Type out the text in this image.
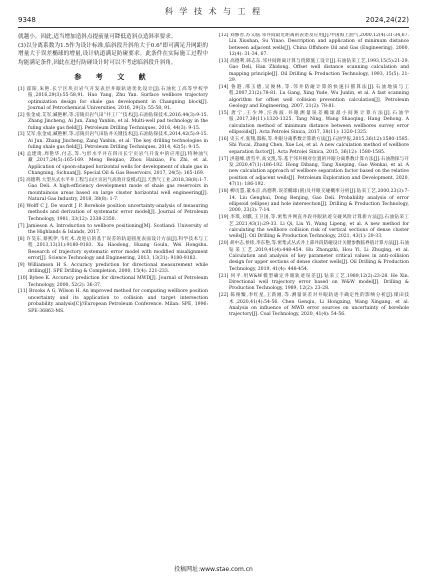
9348
科 学 技 术 与 工 程
2024,24(22)

就越小。因此,适当增加造斜点提前量可降低造斜点造斜率要求。

(3)以分离系数为1.5作为设计标准,临斜段升斜角大于0.6°即可满足升网距的增量大于误差椭球的增量,设计轨道满足防碰要求。此条件在实际施工过程中均能满足条件,因此在进行防碰设计时可以不考虑临斜段升斜角。

参 考 文 献

[1] 霍阳,朱艳.长宁区块页岩气开发表层井眼轨迹优化设计[J].石油化工高等学校学报,2016,29(3):55-58,91. Huo Yang, Zhu Yan. Surface wellbore trajectory optimization design for shale gas development in Changning block[J]. Journal of Petrochemical Universities, 2016, 29(3): 55-58, 91.

[2] 张金成,艾军,臧艳彬,等.涪陵页岩气田“井工厂”技术[J].石油钻探技术,2016,44(3):9-15. Zhang Jincheng, Ai Jun, Zang Yanbin, et al. Multi-well pad technology in the fuling shale gas field[J]. Petroleum Drilling Techniques, 2016, 44(3): 9-15.

[3] 艾军,张金成,臧艳彬,等.涪陵页岩气田钻井关键技术[J].石油钻探技术,2014,42(5):9-15. Ai Jun, Zhang Jincheng, Zang Yanbin, et al. The key drilling technologies in fuling shale gas field[J]. Petroleum Drilling Techniques, 2014, 42(5): 9-15.

[4] 孟建琦,周艳华,付志,等.勺形水平井在四川长宁页岩气开发中的应用[J].特种油气藏,2017,24(5):165-169. Meng Beiqiao, Zhou Haixiao, Fu Zhi, et al. Application of spoon-shaped horizontal wells for development of shale gas in Changning, Sichuan[J]. Special Oil & Gas Reservoirs, 2017, 24(5): 165-169.

[5] 高德利.大型丛式水平井工程与山区页岩气高效开发模式[J].天然气工业,2018,38(8):1-7. Gao Deli. A high-efficiency development mode of shale gas reservoirs in mountainous areas based on large cluster horizontal well engineering[J]. Natural Gas Industry, 2018, 38(8): 1-7.

[6] Wolff C J, De wardt J P. Borehole position uncertainty-analysis of measuring methods and derivation of systematic error model[J]. Journal of Petroleum Technology, 1981, 33(12): 2338-2350.

[7] Jamieson A. Introduction to wellbore positioning[M]. Scotland: University of the Highlands & Islands, 2017.

[8] 许昊东,蔡熙伊,韦红术.改进后的基于误差的轨道圆度表面设计方法[J].科学技术与工程,2013,13(31):9180-9183. Xu Haodong, Huang Goulu, Wei Hongshu. Research of trajectory systematic error model with modified misalignment error[J]. Science Technology and Engineering, 2013, 13(31): 9180-9183.

[9] Williamson H S. Accuracy prediction for directional measurement while drilling[J]. SPE Drilling & Completion, 2000, 15(4): 221-233.

[10] Bybee K. Accuracy prediction for directional MWD[J]. Journal of Petroleum Technology, 2000, 52(2): 36-37.

[11] Brooks A G, Wilson H. An improved method for computing wellbore position uncertainty and its application to collision and target intersection probability analysis[C]//European Petroleum Conference. Milan: SPE, 1996: SPE-36863-MS.

[12] 刘修善,苏义脑.邻井间最近距离的表述及应用[J].中国海上油气,2000,12(4):31-34,67. Liu Xiushan, Su Yinao. Description and application of minimum distance between adjacent wells[J]. China Offshore Oil and Gas (Engineering), 2000, 12(4): 31-34, 67.

[13] 高德利,韩志东.邻井间距离计算与绕障施工设计[J].石油钻采工艺,1993,15(5):21-29. Gao Deli, Han Zhidong. Offset well distance scanning calculation and mapping principle[J]. Oil Drilling & Production Technology, 1993, 15(5): 21-29.

[14] 鲁港,邢玉德,吴俊林,等.邻井防碰计算的快速扫描算法[J].石油地质与工程,2007,21(2):78-81. Lu Gang, Xing Yude, Wu Junlin, et al. A fast scanning algorithm for offset well collision prevention calculation[J]. Petroleum Geology and Engineering, 2007, 21(2): 78-81.

[15] 唐宁,王少坤,汪海波.井眼测量误差椭球最小间距计算方法[J].石油学报,2017,38(11):1320-1325. Tang Ning, Wang Shaoqing, Hang Dehong. A calculation method of minimum distance between wellbores survey error ellipsoids[J]. Acta Petrolei Sinica, 2017, 38(11): 1320-1325.

[16] 史玉才,张翔,邵栋,等.井眼分离系数计算新方法[J].石油学报,2015,36(12):1580-1585. Shi Yucai, Zhang Chen, Xue Lei, et al. A new calculation method of wellbore separation factor[J]. Acta Petrolei Sinica, 2015, 36(12): 1580-1585.

[17] 洪超峰,唐雪平,高文凯,等.基于邻井相对位置的井眼分离系数计算方法[J].石油勘探与开发,2020,47(1):186-192. Hong Dibang, Tang Xueping, Gao Wenkai, et al. A new calculation approach of wellbore separation factor based on the relative position of adjacent wells[J]. Petroleum Exploration and Development, 2020, 47(1): 186-192.

[18] 柳贡慧,董本京,高德利.误差椭球(圆)及井眼交碰概率分析[J].钻采工艺,2000,23(3):7-14. Liu Genghui, Dong Benjing, Gao Deli. Probability analysis of error ellipsoid (ellipse) and hole intersection[J]. Drilling & Production Technology, 2000, 23(3): 7-14.

[19] 李琪,刘麒,王卫国,等.密集井网直井段井眼轨迹交碰风险计算新方法[J].石油钻采工艺,2021,43(1):29-33. Li Qi, Liu Yi, Wang Lipeng, et al. A new method for calculating the wellbore collision risk of vertical sections of dense cluster wells[J]. Oil Drilling & Production Technology, 2021, 43(1): 29-33.

[20] 胡中志,侯炜,李东艳,等.密集式丛式井上部井段防碰设计关键参数临界值计算方法[J].石油钻采工艺,2019,41(4):448-454. Hu Zhongzhi, Hou Yi, Li Zhuqing, et al. Calculation and analysis of key parameter critical values in anti-collision design for upper sections of dense cluster wells[J]. Oil Drilling & Production Technology, 2019, 41(4): 448-454.

[21] 何平.用W&W模型确定井眼轨迹误差[J].钻采工艺,1989,12(2):23-28. He Xin. Directional well trajectory error based on W&W model[J]. Drilling & Production Technology, 1989, 12(2): 23-28.

[22] 陈俊臻,李红星,王新刚,等.测量误差对井眼轨迹不确定性的影响分析[J].煤田技术,2020,41(4):54-56. Chen Genqiu, Li Hongxing, Wang Xingang, et al. Analysis on influence of MWD error sources on uncertainty of borehole trajectory[J]. Coal Technology, 2020, 41(4): 54-56.

投稿网址:www.stae.com.cn
